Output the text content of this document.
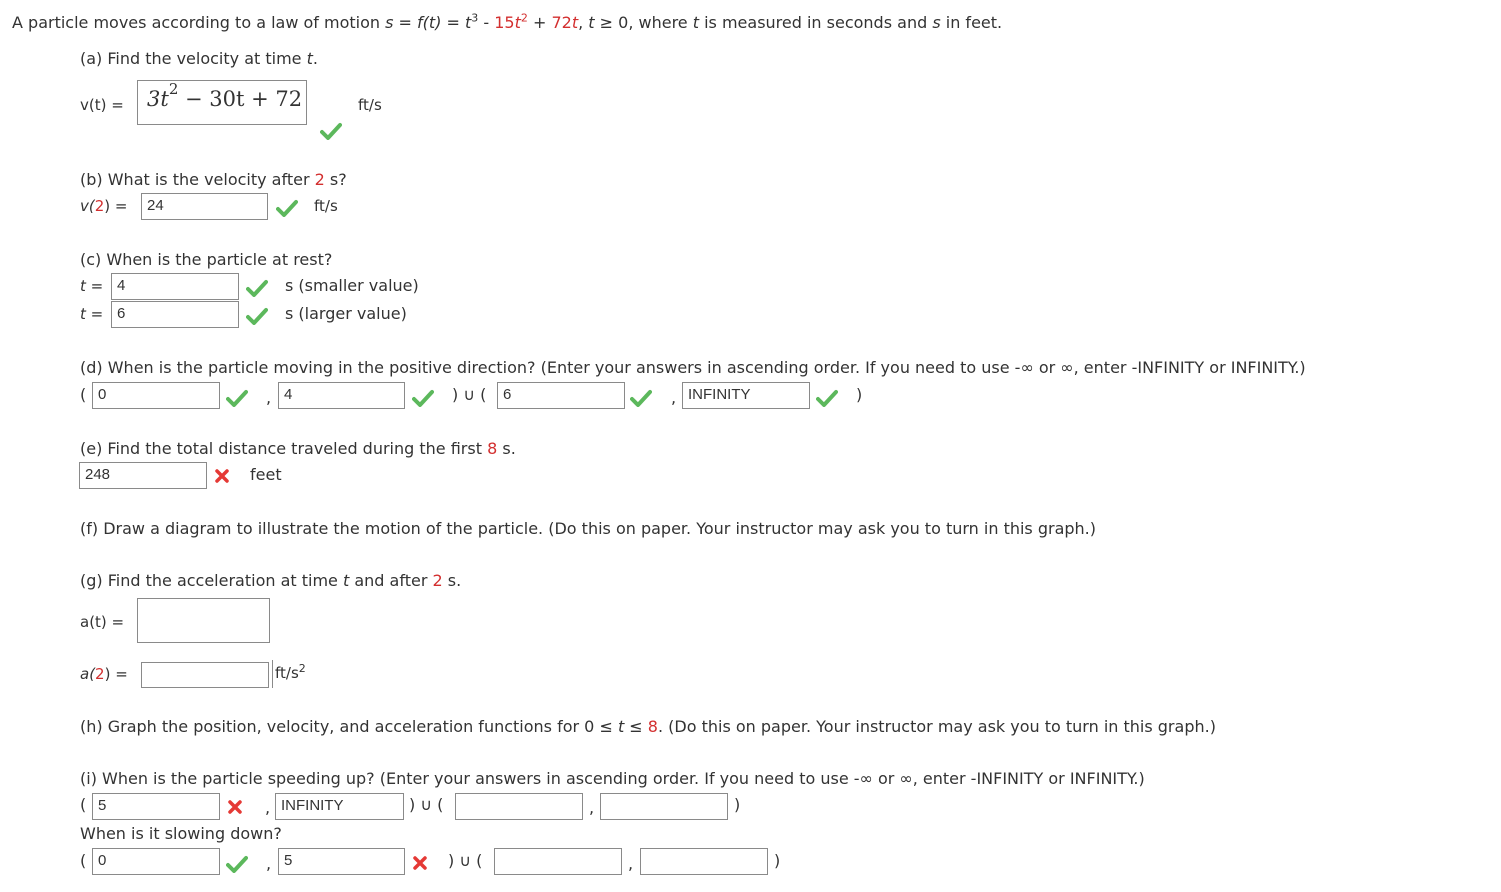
A particle moves according to a law of motion $s = f(t) = t^3 - 15t^2 + 72t$, t ≥ 0, where t is measured in seconds and s in feet.
(a) Find the velocity at time t.
v(t) =	$3t^2 - 30t + 72$	ft/s
(b) What is the velocity after 2 s?
v(2) =	24	ft/s
(c) When is the particle at rest?
t = 4	s (smaller value)
t = 6	s (larger value)
(d) When is the particle moving in the positive direction? (Enter your answers in ascending order. If you need to use -∞ or ∞, enter -INFINITY or INFINITY.)
( 0	, 4	) ∪ (	6	, INFINITY	)
(e) Find the total distance traveled during the first 8 s.
248	feet
(f) Draw a diagram to illustrate the motion of the particle. (Do this on paper. Your instructor may ask you to turn in this graph.)
(g) Find the acceleration at time t and after 2 s.
a(t) =
a(2) =	$ft/s^2$
(h) Graph the position, velocity, and acceleration functions for 0 ≤ t ≤ 8. (Do this on paper. Your instructor may ask you to turn in this graph.)
(i) When is the particle speeding up? (Enter your answers in ascending order. If you need to use -∞ or ∞, enter -INFINITY or INFINITY.)
( 5	, INFINITY	) ∪ (	,	)
When is it slowing down?
( 0	, 5	) ∪ (	,	)
